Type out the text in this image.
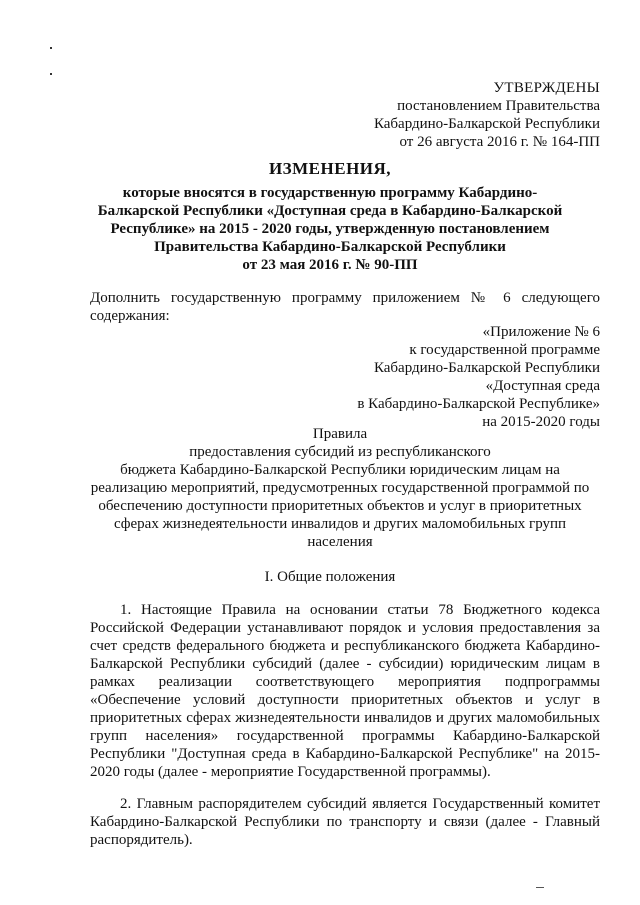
УТВЕРЖДЕНЫ
постановлением Правительства
Кабардино-Балкарской Республики
от 26 августа 2016 г. № 164-ПП
ИЗМЕНЕНИЯ,
которые вносятся в государственную программу Кабардино-
Балкарской Республики «Доступная среда в Кабардино-Балкарской
Республике» на 2015 - 2020 годы, утвержденную постановлением
Правительства Кабардино-Балкарской Республики
от 23 мая 2016 г. № 90-ПП
Дополнить государственную программу приложением № 6 следующего
содержания:
«Приложение № 6
к государственной программе
Кабардино-Балкарской Республики
«Доступная среда
в Кабардино-Балкарской Республике»
на 2015-2020 годы
Правила
предоставления субсидий из республиканского
бюджета Кабардино-Балкарской Республики юридическим лицам на
реализацию мероприятий, предусмотренных государственной программой по
обеспечению доступности приоритетных объектов и услуг в приоритетных
сферах жизнедеятельности инвалидов и других маломобильных групп
населения
I. Общие положения
1. Настоящие Правила на основании статьи 78 Бюджетного кодекса Российской Федерации устанавливают порядок и условия предоставления за счет средств федерального бюджета и республиканского бюджета Кабардино-Балкарской Республики субсидий (далее - субсидии) юридическим лицам в рамках реализации соответствующего мероприятия подпрограммы «Обеспечение условий доступности приоритетных объектов и услуг в приоритетных сферах жизнедеятельности инвалидов и других маломобильных групп населения» государственной программы Кабардино-Балкарской Республики "Доступная среда в Кабардино-Балкарской Республике" на 2015-2020 годы (далее - мероприятие Государственной программы).
2. Главным распорядителем субсидий является Государственный комитет Кабардино-Балкарской Республики по транспорту и связи (далее - Главный распорядитель).
